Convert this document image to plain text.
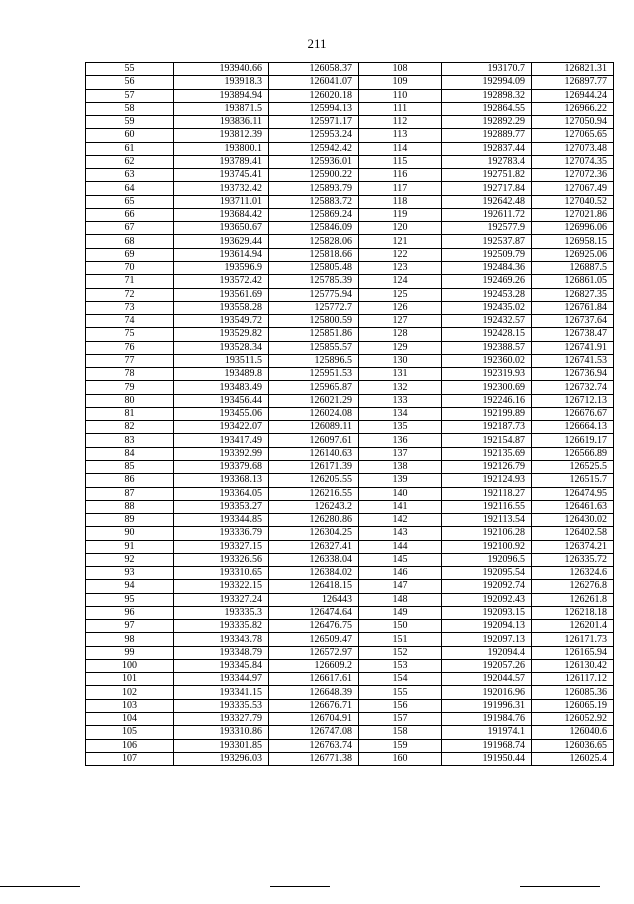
211
55	193940.66	126058.37	108	193170.7	126821.31
56	193918.3	126041.07	109	192994.09	126897.77
57	193894.94	126020.18	110	192898.32	126944.24
58	193871.5	125994.13	111	192864.55	126966.22
59	193836.11	125971.17	112	192892.29	127050.94
60	193812.39	125953.24	113	192889.77	127065.65
61	193800.1	125942.42	114	192837.44	127073.48
62	193789.41	125936.01	115	192783.4	127074.35
63	193745.41	125900.22	116	192751.82	127072.36
64	193732.42	125893.79	117	192717.84	127067.49
65	193711.01	125883.72	118	192642.48	127040.52
66	193684.42	125869.24	119	192611.72	127021.86
67	193650.67	125846.09	120	192577.9	126996.06
68	193629.44	125828.06	121	192537.87	126958.15
69	193614.94	125818.66	122	192509.79	126925.06
70	193596.9	125805.48	123	192484.36	126887.5
71	193572.42	125785.39	124	192469.26	126861.05
72	193561.69	125775.94	125	192453.28	126827.35
73	193558.28	125772.7	126	192435.02	126761.84
74	193549.72	125800.59	127	192432.57	126737.64
75	193529.82	125851.86	128	192428.15	126738.47
76	193528.34	125855.57	129	192388.57	126741.91
77	193511.5	125896.5	130	192360.02	126741.53
78	193489.8	125951.53	131	192319.93	126736.94
79	193483.49	125965.87	132	192300.69	126732.74
80	193456.44	126021.29	133	192246.16	126712.13
81	193455.06	126024.08	134	192199.89	126676.67
82	193422.07	126089.11	135	192187.73	126664.13
83	193417.49	126097.61	136	192154.87	126619.17
84	193392.99	126140.63	137	192135.69	126566.89
85	193379.68	126171.39	138	192126.79	126525.5
86	193368.13	126205.55	139	192124.93	126515.7
87	193364.05	126216.55	140	192118.27	126474.95
88	193353.27	126243.2	141	192116.55	126461.63
89	193344.85	126280.86	142	192113.54	126430.02
90	193336.79	126304.25	143	192106.28	126402.58
91	193327.15	126327.41	144	192100.92	126374.21
92	193326.56	126338.04	145	192096.5	126335.72
93	193310.65	126384.02	146	192095.54	126324.6
94	193322.15	126418.15	147	192092.74	126276.8
95	193327.24	126443	148	192092.43	126261.8
96	193335.3	126474.64	149	192093.15	126218.18
97	193335.82	126476.75	150	192094.13	126201.4
98	193343.78	126509.47	151	192097.13	126171.73
99	193348.79	126572.97	152	192094.4	126165.94
100	193345.84	126609.2	153	192057.26	126130.42
101	193344.97	126617.61	154	192044.57	126117.12
102	193341.15	126648.39	155	192016.96	126085.36
103	193335.53	126676.71	156	191996.31	126065.19
104	193327.79	126704.91	157	191984.76	126052.92
105	193310.86	126747.08	158	191974.1	126040.6
106	193301.85	126763.74	159	191968.74	126036.65
107	193296.03	126771.38	160	191950.44	126025.4
